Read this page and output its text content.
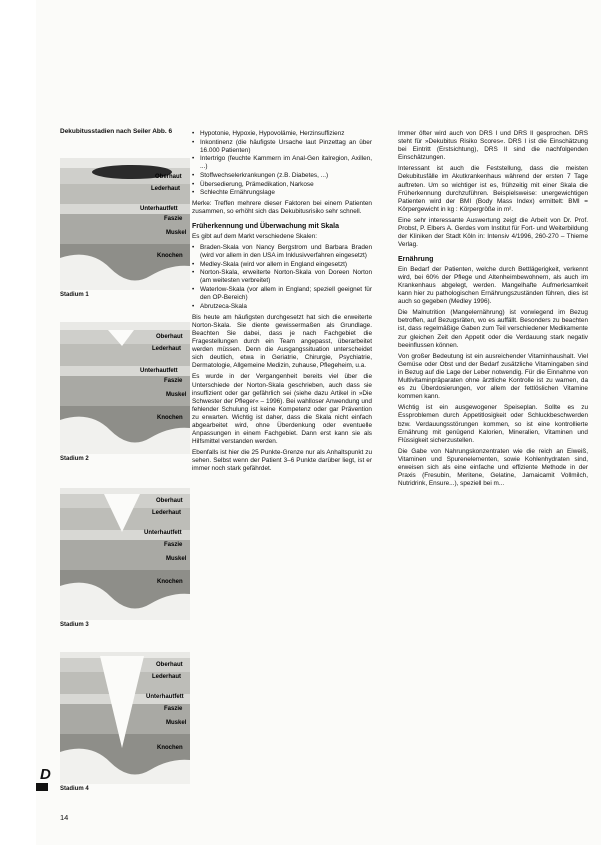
Dekubitusstadien nach Seiler Abb. 6
Oberhaut
Lederhaut
Unterhautfett
Faszie
Muskel
Knochen
Stadium 1
Oberhaut
Lederhaut
Unterhautfett
Faszie
Muskel
Knochen
Stadium 2
Oberhaut
Lederhaut
Unterhautfett
Faszie
Muskel
Knochen
Stadium 3
Oberhaut
Lederhaut
Unterhautfett
Faszie
Muskel
Knochen
Stadium 4
• Hypotonie, Hypoxie, Hypovolämie, Herzinsuffizienz
• Inkontinenz (die häufigste Ursache laut Pinzettag an über 16.000 Patienten)
• Intertrigo (feuchte Kammern im Anal-Gen italregion, Axillen, ...)
• Stoffwechselerkrankungen (z.B. Diabetes, ...)
• Übersedierung, Prämedikation, Narkose
• Schlechte Ernährungslage

Merke: Treffen mehrere dieser Faktoren bei einem Patienten zusammen, so erhöht sich das Dekubitusrisiko sehr schnell.

Früherkennung und Überwachung mit Skala

Es gibt auf dem Markt verschiedene Skalen:

• Braden-Skala von Nancy Bergstrom und Barbara Braden (wird vor allem in den USA im Inklusivverfahren eingesetzt)
• Medley-Skala (wird vor allem in England eingesetzt)
• Norton-Skala, erweiterte Norton-Skala von Doreen Norton (am weitesten verbreitet)
• Waterlow-Skala (vor allem in England; speziell geeignet für den OP-Bereich)
• Abrutzeca-Skala

Bis heute am häufigsten durchgesetzt hat sich die erweiterte Norton-Skala. Sie diente gewissermaßen als Grundlage. Beachten Sie dabei, dass je nach Fachgebiet die Fragestellungen durch ein Team angepasst, überarbeitet werden müssen. Denn die Ausgangssituation unterscheidet sich deutlich, etwa in Geriatrie, Chirurgie, Psychiatrie, Dermatologie, Allgemeine Medizin, zuhause, Pflegeheim, u.a.

Es wurde in der Vergangenheit bereits viel über die Unterschiede der Norton-Skala geschrieben, auch dass sie insuffizient oder gar gefährlich sei (siehe dazu Artikel in »Die Schwester der Pfleger« – 1996). Bei wahlloser Anwendung und fehlender Schulung ist keine Kompetenz oder gar Prävention zu erwarten. Wichtig ist daher, dass die Skala nicht einfach abgearbeitet wird, ohne Überdenkung oder eventuelle Anpassungen in einem Fachgebiet. Dann erst kann sie als Hilfsmittel verstanden werden.

Ebenfalls ist hier die 25 Punkte-Grenze nur als Anhaltspunkt zu sehen. Selbst wenn der Patient 3–6 Punkte darüber liegt, ist er immer noch stark gefährdet.

Immer öfter wird auch von DRS I und DRS II gesprochen. DRS steht für »Dekubitus Risiko Scores«. DRS I ist die Einschätzung bei Eintritt (Erstsichtung), DRS II sind die nachfolgenden Einschätzungen.

Interessant ist auch die Feststellung, dass die meisten Dekubitusfälle im Akutkrankenhaus während der ersten 7 Tage auftreten. Um so wichtiger ist es, frühzeitig mit einer Skala die Früherkennung durchzuführen. Beispielsweise: unergewichtigen Patienten wird der BMI (Body Mass Index) ermittelt: BMI = Körpergewicht in kg : Körpergröße in m².

Eine sehr interessante Auswertung zeigt die Arbeit von Dr. Prof. Probst, P. Elbers A. Gerdes vom Institut für Fort- und Weiterbildung der Kliniken der Stadt Köln in: Intensiv 4/1996, 260-270 – Thieme Verlag.

Ernährung

Ein Bedarf der Patienten, welche durch Bettlägerigkeit, verkennt wird, bei 60% der Pflege und Altenheimbewohnern, als auch im Krankenhaus abgelegt, werden. Mangelhafte Aufmerksamkeit kann hier zu pathologischen Ernährungszuständen führen, dies ist auch so gegeben (Medley 1996).

Die Malnutrition (Mangelernährung) ist vorwiegend im Bezug betroffen, auf Bezugsräten, wo es auffällt. Besonders zu beachten ist, dass regelmäßige Gaben zum Teil verschiedener Medikamente zur gleichen Zeit den Appetit oder die Verdauung stark negativ beeinflussen können.

Von großer Bedeutung ist ein ausreichender Vitaminhaushalt. Viel Gemüse oder Obst und der Bedarf zusätzliche Vitamingaben sind in Bezug auf die Lage der Leber notwendig. Für die Einnahme von Multivitaminpräparaten ohne ärztliche Kontrolle ist zu warnen, da es zu Überdosierungen, vor allem der fettlöslichen Vitamine kommen kann.

Wichtig ist ein ausgewogener Speiseplan. Sollte es zu Essproblemen durch Appetitlosigkeit oder Schluckbeschwerden bzw. Verdauungsstörungen kommen, so ist eine kontrollierte Ernährung mit genügend Kalorien, Mineralien, Vitaminen und Flüssigkeit sicherzustellen.

Die Gabe von Nahrungskonzentraten wie die reich an Eiweiß, Vitaminen und Spurenelementen, sowie Kohlenhydraten sind, erweisen sich als eine einfache und effiziente Methode in der Praxis (Fresubin, Meritene, Gelatine, Jamaicamit Vollmilch, Nutridrink, Ensure...), speziell bei m...

D
14
